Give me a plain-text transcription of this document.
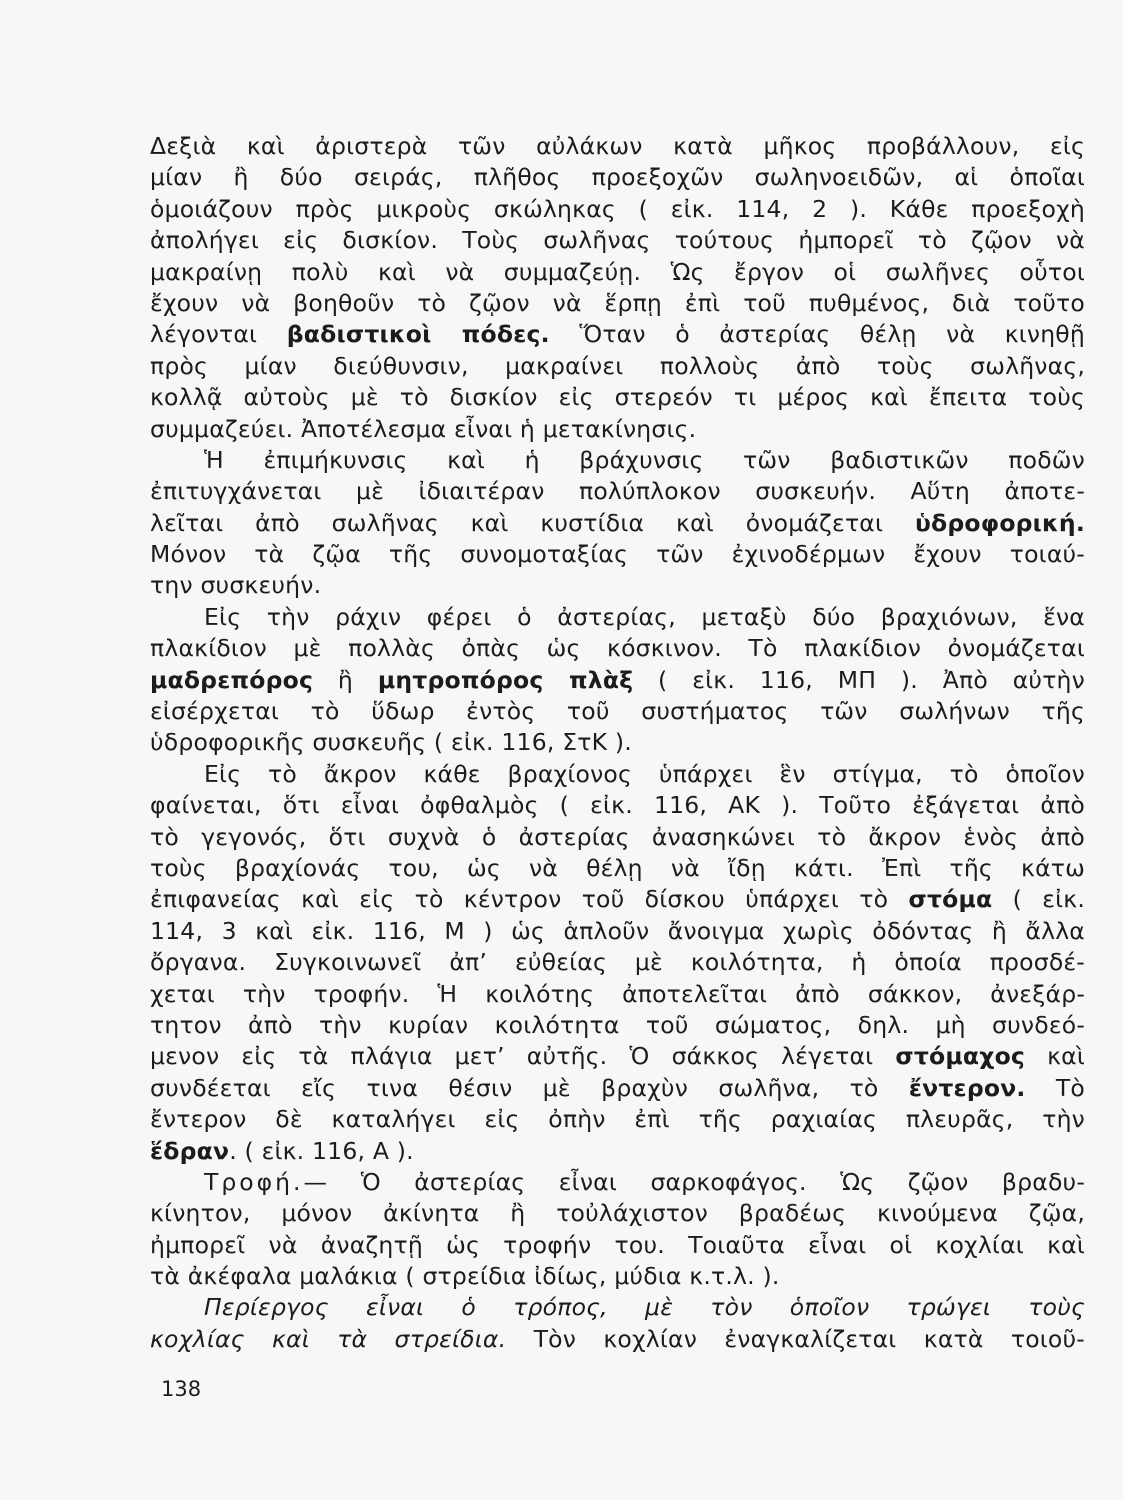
Δεξιὰ καὶ ἀριστερὰ τῶν αὐλάκων κατὰ μῆκος προβάλλουν, εἰς
μίαν ἢ δύο σειράς, πλῆθος προεξοχῶν σωληνοειδῶν, αἱ ὁποῖαι
ὁμοιάζουν πρὸς μικροὺς σκώληκας ( εἰκ. 114, 2 ). Κάθε προεξοχὴ
ἀπολήγει εἰς δισκίον. Τοὺς σωλῆνας τούτους ἠμπορεῖ τὸ ζῷον νὰ
μακραίνῃ πολὺ καὶ νὰ συμμαζεύῃ. Ὡς ἔργον οἱ σωλῆνες οὗτοι
ἔχουν νὰ βοηθοῦν τὸ ζῷον νὰ ἕρπῃ ἐπὶ τοῦ πυθμένος, διὰ τοῦτο
λέγονται βαδιστικοὶ πόδες. Ὅταν ὁ ἀστερίας θέλῃ νὰ κινηθῇ
πρὸς μίαν διεύθυνσιν, μακραίνει πολλοὺς ἀπὸ τοὺς σωλῆνας,
κολλᾷ αὐτοὺς μὲ τὸ δισκίον εἰς στερεόν τι μέρος καὶ ἔπειτα τοὺς
συμμαζεύει. Ἀποτέλεσμα εἶναι ἡ μετακίνησις.
Ἡ ἐπιμήκυνσις καὶ ἡ βράχυνσις τῶν βαδιστικῶν ποδῶν
ἐπιτυγχάνεται μὲ ἰδιαιτέραν πολύπλοκον συσκευήν. Αὕτη ἀποτε-
λεῖται ἀπὸ σωλῆνας καὶ κυστίδια καὶ ὀνομάζεται ὑδροφορική.
Μόνον τὰ ζῷα τῆς συνομοταξίας τῶν ἐχινοδέρμων ἔχουν τοιαύ-
την συσκευήν.
Εἰς τὴν ράχιν φέρει ὁ ἀστερίας, μεταξὺ δύο βραχιόνων, ἕνα
πλακίδιον μὲ πολλὰς ὀπὰς ὡς κόσκινον. Τὸ πλακίδιον ὀνομάζεται
μαδρεπόρος ἢ μητροπόρος πλὰξ ( εἰκ. 116, ΜΠ ). Ἀπὸ αὐτὴν
εἰσέρχεται τὸ ὕδωρ ἐντὸς τοῦ συστήματος τῶν σωλήνων τῆς
ὑδροφορικῆς συσκευῆς ( εἰκ. 116, ΣτΚ ).
Εἰς τὸ ἄκρον κάθε βραχίονος ὑπάρχει ἓν στίγμα, τὸ ὁποῖον
φαίνεται, ὅτι εἶναι ὀφθαλμὸς ( εἰκ. 116, ΑΚ ). Τοῦτο ἐξάγεται ἀπὸ
τὸ γεγονός, ὅτι συχνὰ ὁ ἀστερίας ἀνασηκώνει τὸ ἄκρον ἑνὸς ἀπὸ
τοὺς βραχίονάς του, ὡς νὰ θέλῃ νὰ ἴδῃ κάτι. Ἐπὶ τῆς κάτω
ἐπιφανείας καὶ εἰς τὸ κέντρον τοῦ δίσκου ὑπάρχει τὸ στόμα ( εἰκ.
114, 3 καὶ εἰκ. 116, Μ ) ὡς ἁπλοῦν ἄνοιγμα χωρὶς ὀδόντας ἢ ἄλλα
ὄργανα. Συγκοινωνεῖ ἀπ’ εὐθείας μὲ κοιλότητα, ἡ ὁποία προσδέ-
χεται τὴν τροφήν. Ἡ κοιλότης ἀποτελεῖται ἀπὸ σάκκον, ἀνεξάρ-
τητον ἀπὸ τὴν κυρίαν κοιλότητα τοῦ σώματος, δηλ. μὴ συνδεό-
μενον εἰς τὰ πλάγια μετ’ αὐτῆς. Ὁ σάκκος λέγεται στόμαχος καὶ
συνδέεται εἴς τινα θέσιν μὲ βραχὺν σωλῆνα, τὸ ἔντερον. Τὸ
ἔντερον δὲ καταλήγει εἰς ὀπὴν ἐπὶ τῆς ραχιαίας πλευρᾶς, τὴν
ἕδραν. ( εἰκ. 116, Α ).
Τροφή.— Ὁ ἀστερίας εἶναι σαρκοφάγος. Ὡς ζῷον βραδυ-
κίνητον, μόνον ἀκίνητα ἢ τοὐλάχιστον βραδέως κινούμενα ζῷα,
ἠμπορεῖ νὰ ἀναζητῇ ὡς τροφήν του. Τοιαῦτα εἶναι οἱ κοχλίαι καὶ
τὰ ἀκέφαλα μαλάκια ( στρείδια ἰδίως, μύδια κ.τ.λ. ).
Περίεργος εἶναι ὁ τρόπος, μὲ τὸν ὁποῖον τρώγει τοὺς
κοχλίας καὶ τὰ στρείδια. Τὸν κοχλίαν ἐναγκαλίζεται κατὰ τοιοῦ-
138
